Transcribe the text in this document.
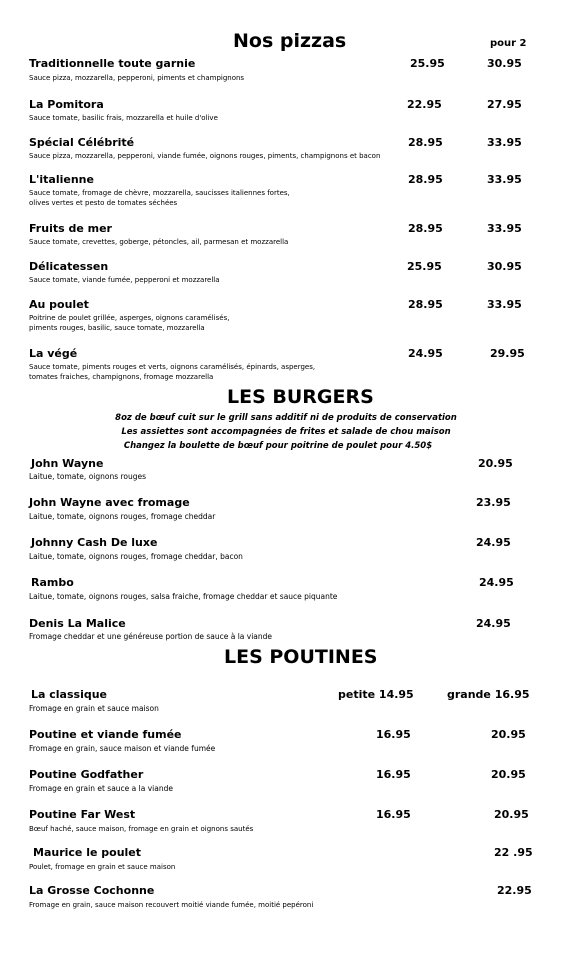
Nos pizzas	pour 2
Traditionnelle toute garnie
Sauce pizza, mozzarella, pepperoni, piments et champignons
25.95	30.95
La Pomitora
Sauce tomate, basilic frais, mozzarella et huile d'olive
22.95	27.95
Spécial Célébrité
Sauce pizza, mozzarella, pepperoni, viande fumée, oignons rouges, piments, champignons et bacon
28.95	33.95
L'italienne
Sauce tomate, fromage de chèvre, mozzarella, saucisses italiennes fortes,
olives vertes et pesto de tomates séchées
28.95	33.95
Fruits de mer
Sauce tomate, crevettes, goberge, pétoncles, ail, parmesan et mozzarella
28.95	33.95
Délicatessen
Sauce tomate, viande fumée, pepperoni et mozzarella
25.95	30.95
Au poulet
Poitrine de poulet grillée, asperges, oignons caramélisés,
piments rouges, basilic, sauce tomate, mozzarella
28.95	33.95
La végé
Sauce tomate, piments rouges et verts, oignons caramélisés, épinards, asperges,
tomates fraiches, champignons, fromage mozzarella
24.95	29.95
LES BURGERS
8oz de bœuf cuit sur le grill sans additif ni de produits de conservation
Les assiettes sont accompagnées de frites et salade de chou maison
Changez la boulette de bœuf pour poitrine de poulet pour 4.50$
John Wayne
Laitue, tomate, oignons rouges
20.95
John Wayne avec fromage
Laitue, tomate, oignons rouges, fromage cheddar
23.95
Johnny Cash De luxe
Laitue, tomate, oignons rouges, fromage cheddar, bacon
24.95
Rambo
Laitue, tomate, oignons rouges, salsa fraiche, fromage cheddar et sauce piquante
24.95
Denis La Malice
Fromage cheddar et une généreuse portion de sauce à la viande
24.95
LES POUTINES
La classique
Fromage en grain et sauce maison
petite 14.95	grande 16.95
Poutine et viande fumée
Fromage en grain, sauce maison et viande fumée
16.95	20.95
Poutine Godfather
Fromage en grain et sauce a la viande
16.95	20.95
Poutine Far West
Bœuf haché, sauce maison, fromage en grain et oignons sautés
16.95	20.95
Maurice le poulet
Poulet, fromage en grain et sauce maison
22 .95
La Grosse Cochonne
Fromage en grain, sauce maison recouvert moitié viande fumée, moitié pepéroni
22.95
